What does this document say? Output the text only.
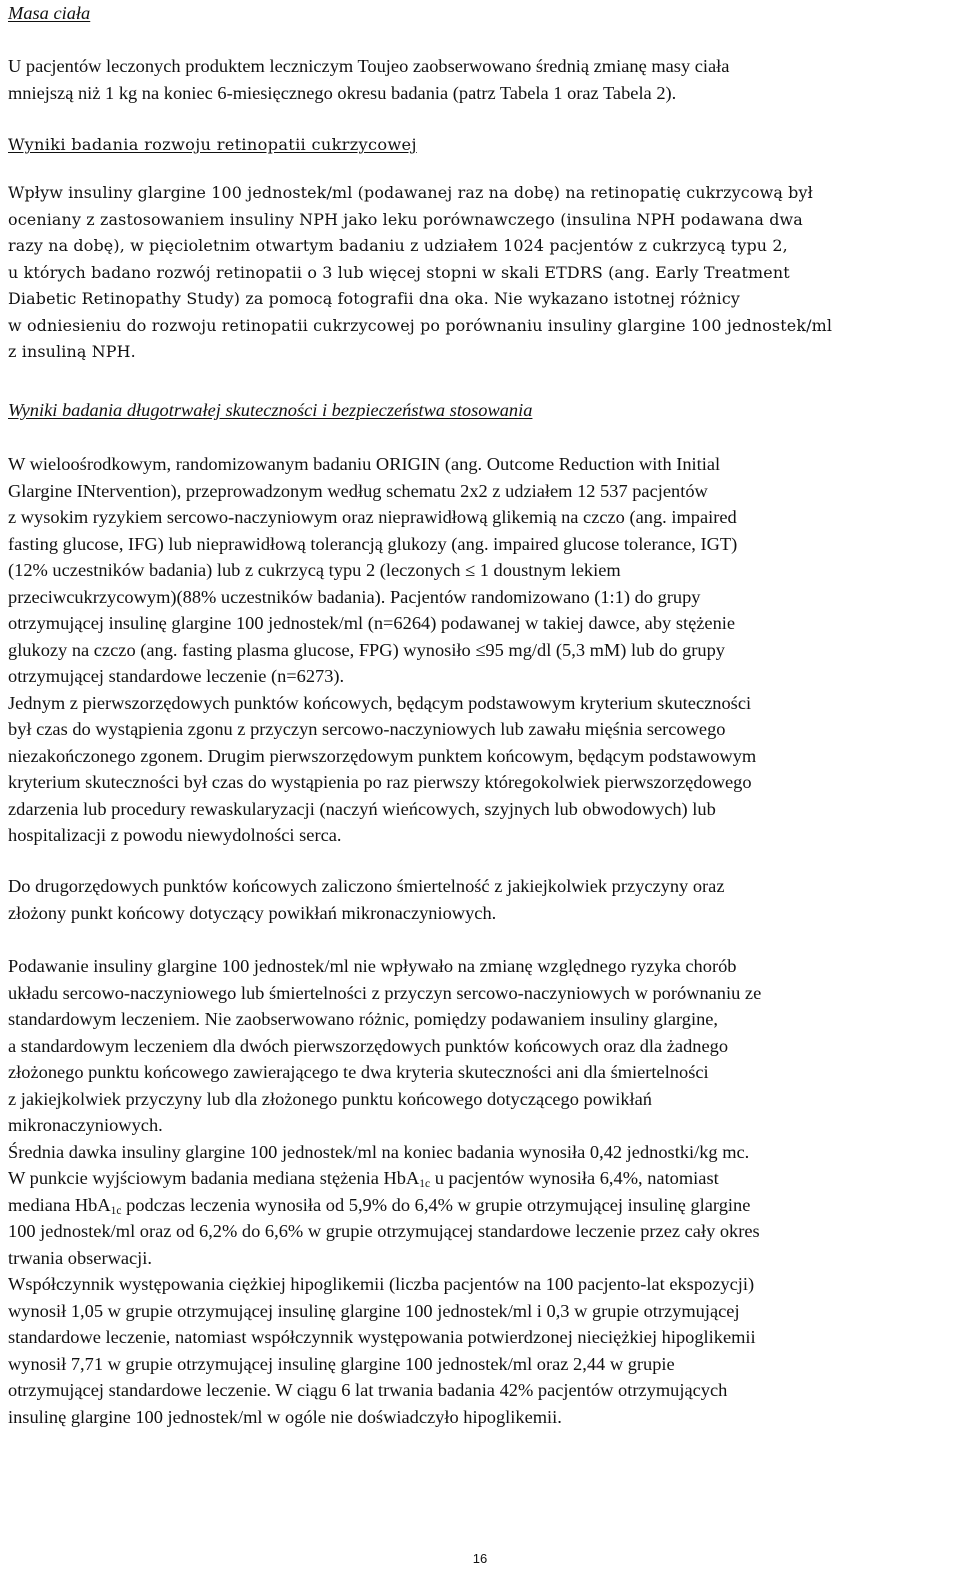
Masa ciała

U pacjentów leczonych produktem leczniczym Toujeo zaobserwowano średnią zmianę masy ciała
mniejszą niż 1 kg na koniec 6-miesięcznego okresu badania (patrz Tabela 1 oraz Tabela 2).

Wyniki badania rozwoju retinopatii cukrzycowej

Wpływ insuliny glargine 100 jednostek/ml (podawanej raz na dobę) na retinopatię cukrzycową był
oceniany z zastosowaniem insuliny NPH jako leku porównawczego (insulina NPH podawana dwa
razy na dobę), w pięcioletnim otwartym badaniu z udziałem 1024 pacjentów z cukrzycą typu 2,
u których badano rozwój retinopatii o 3 lub więcej stopni w skali ETDRS (ang. Early Treatment
Diabetic Retinopathy Study) za pomocą fotografii dna oka. Nie wykazano istotnej różnicy
w odniesieniu do rozwoju retinopatii cukrzycowej po porównaniu insuliny glargine 100 jednostek/ml
z insuliną NPH.

Wyniki badania długotrwałej skuteczności i bezpieczeństwa stosowania

W wieloośrodkowym, randomizowanym badaniu ORIGIN (ang. Outcome Reduction with Initial
Glargine INtervention), przeprowadzonym według schematu 2x2 z udziałem 12 537 pacjentów
z wysokim ryzykiem sercowo-naczyniowym oraz nieprawidłową glikemią na czczo (ang. impaired
fasting glucose, IFG) lub nieprawidłową tolerancją glukozy (ang. impaired glucose tolerance, IGT)
(12% uczestników badania) lub z cukrzycą typu 2 (leczonych ≤ 1 doustnym lekiem
przeciwcukrzycowym)(88% uczestników badania). Pacjentów randomizowano (1:1) do grupy
otrzymującej insulinę glargine 100 jednostek/ml (n=6264) podawanej w takiej dawce, aby stężenie
glukozy na czczo (ang. fasting plasma glucose, FPG) wynosiło ≤95 mg/dl (5,3 mM) lub do grupy
otrzymującej standardowe leczenie (n=6273).
Jednym z pierwszorzędowych punktów końcowych, będącym podstawowym kryterium skuteczności
był czas do wystąpienia zgonu z przyczyn sercowo-naczyniowych lub zawału mięśnia sercowego
niezakończonego zgonem. Drugim pierwszorzędowym punktem końcowym, będącym podstawowym
kryterium skuteczności był czas do wystąpienia po raz pierwszy któregokolwiek pierwszorzędowego
zdarzenia lub procedury rewaskularyzacji (naczyń wieńcowych, szyjnych lub obwodowych) lub
hospitalizacji z powodu niewydolności serca.
Do drugorzędowych punktów końcowych zaliczono śmiertelność z jakiejkolwiek przyczyny oraz
złożony punkt końcowy dotyczący powikłań mikronaczyniowych.
Podawanie insuliny glargine 100 jednostek/ml nie wpływało na zmianę względnego ryzyka chorób
układu sercowo-naczyniowego lub śmiertelności z przyczyn sercowo-naczyniowych w porównaniu ze
standardowym leczeniem. Nie zaobserwowano różnic, pomiędzy podawaniem insuliny glargine,
a standardowym leczeniem dla dwóch pierwszorzędowych punktów końcowych oraz dla żadnego
złożonego punktu końcowego zawierającego te dwa kryteria skuteczności ani dla śmiertelności
z jakiejkolwiek przyczyny lub dla złożonego punktu końcowego dotyczącego powikłań
mikronaczyniowych.
Średnia dawka insuliny glargine 100 jednostek/ml na koniec badania wynosiła 0,42 jednostki/kg mc.
W punkcie wyjściowym badania mediana stężenia HbA$_{1c}$ u pacjentów wynosiła 6,4%, natomiast
mediana HbA$_{1c}$ podczas leczenia wynosiła od 5,9% do 6,4% w grupie otrzymującej insulinę glargine
100 jednostek/ml oraz od 6,2% do 6,6% w grupie otrzymującej standardowe leczenie przez cały okres
trwania obserwacji.
Współczynnik występowania ciężkiej hipoglikemii (liczba pacjentów na 100 pacjento-lat ekspozycji)
wynosił 1,05 w grupie otrzymującej insulinę glargine 100 jednostek/ml i 0,3 w grupie otrzymującej
standardowe leczenie, natomiast współczynnik występowania potwierdzonej nieciężkiej hipoglikemii
wynosił 7,71 w grupie otrzymującej insulinę glargine 100 jednostek/ml oraz 2,44 w grupie
otrzymującej standardowe leczenie. W ciągu 6 lat trwania badania 42% pacjentów otrzymujących
insulinę glargine 100 jednostek/ml w ogóle nie doświadczyło hipoglikemii.
16
